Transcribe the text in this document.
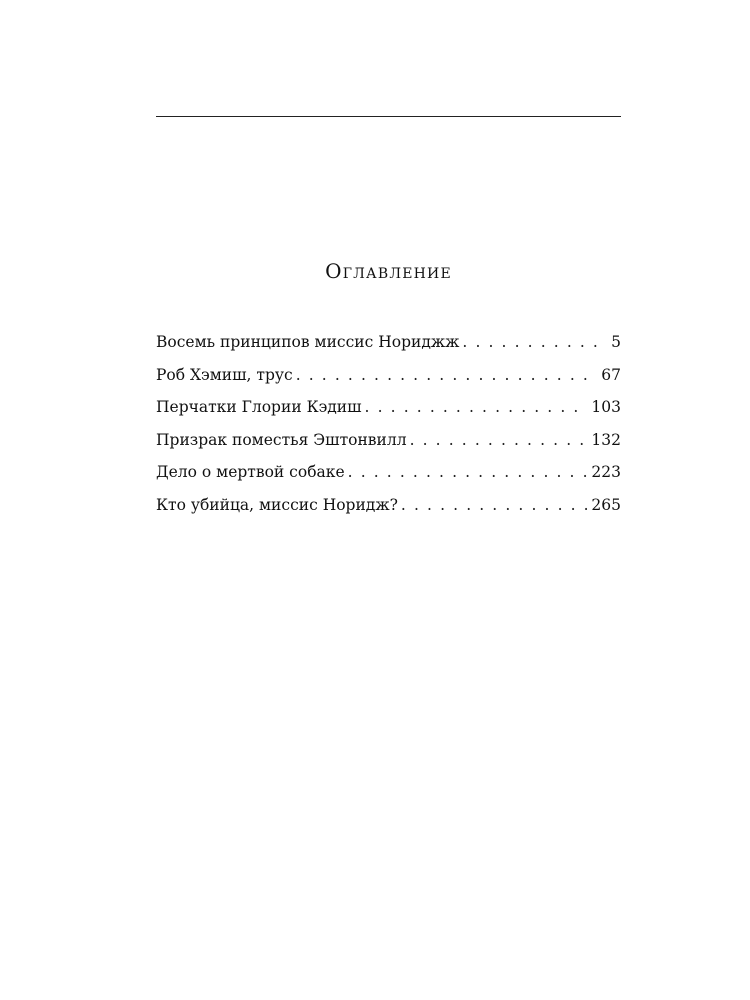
Оглавление
Восемь принципов миссис Нориджж . . .	5
Роб Хэмиш, трус . . .	67
Перчатки Глории Кэдиш . . .	103
Призрак поместья Эштонвилл . . .	132
Дело о мертвой собаке . . .	223
Кто убийца, миссис Норидж? . . .	265
